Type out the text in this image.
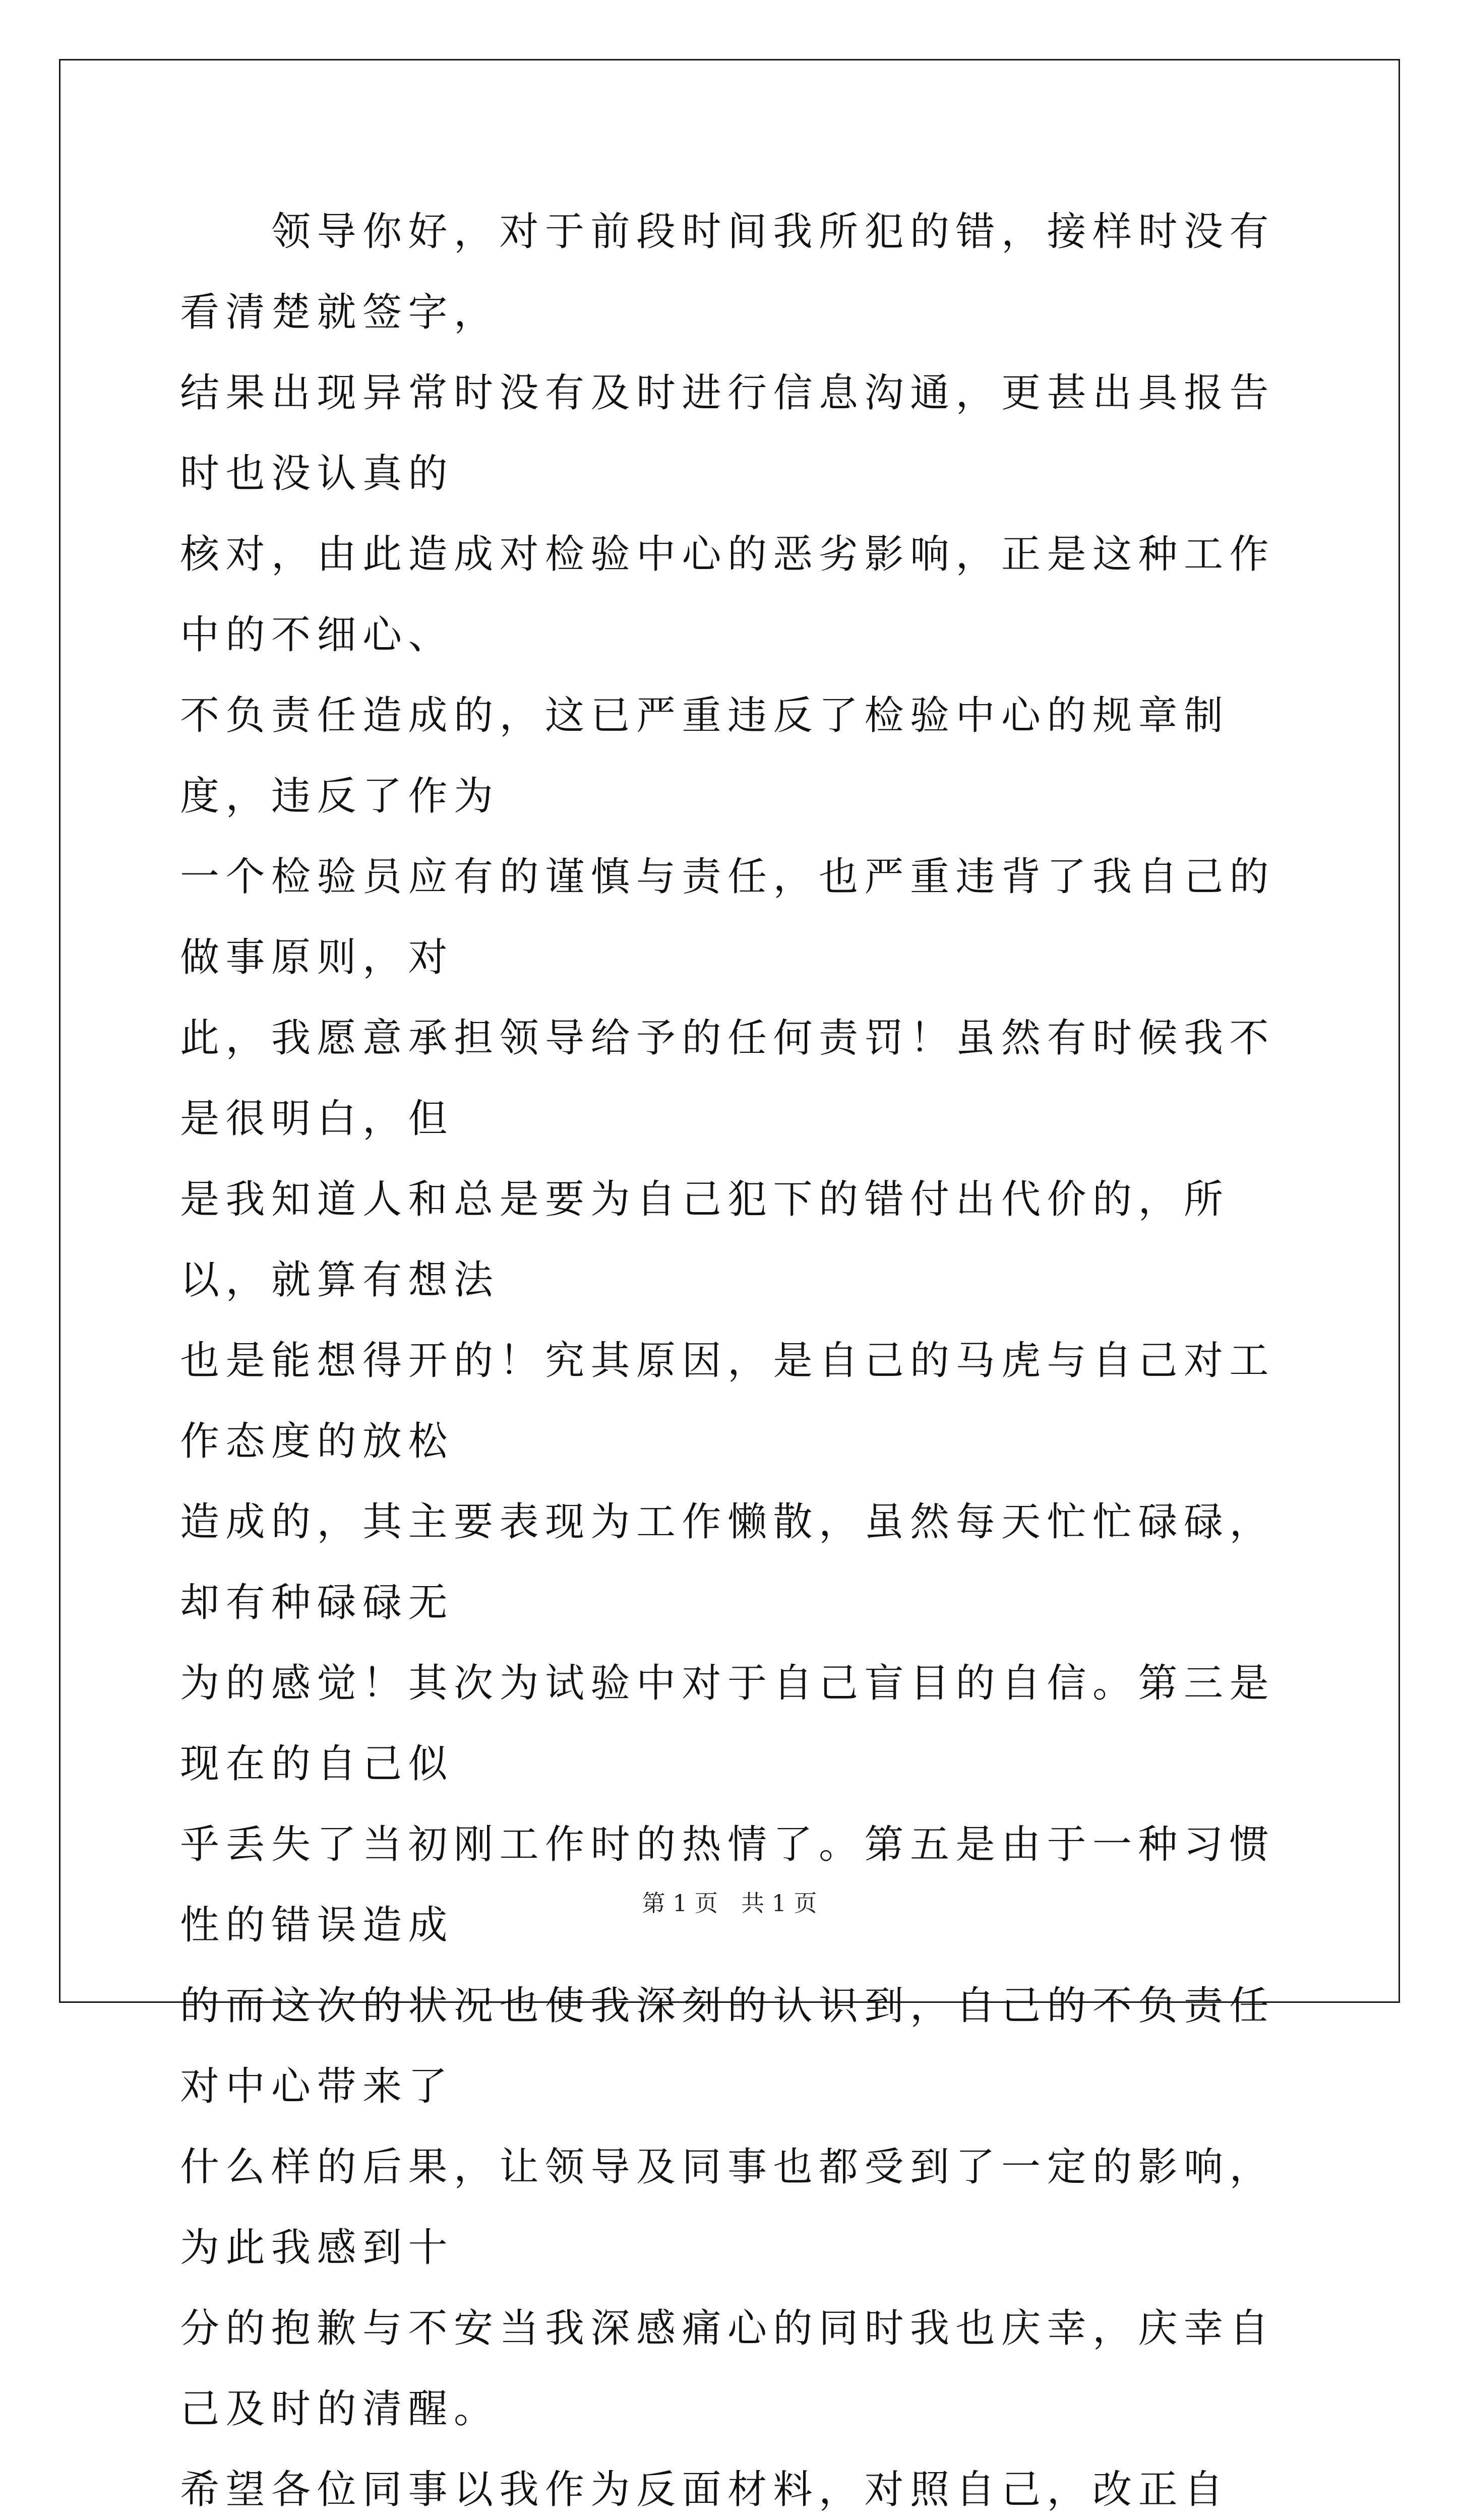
　　领导你好，对于前段时间我所犯的错，接样时没有看清楚就签字，
结果出现异常时没有及时进行信息沟通，更甚出具报告时也没认真的
核对，由此造成对检验中心的恶劣影响，正是这种工作中的不细心、
不负责任造成的，这已严重违反了检验中心的规章制度，违反了作为
一个检验员应有的谨慎与责任，也严重违背了我自己的做事原则，对
此，我愿意承担领导给予的任何责罚！虽然有时候我不是很明白，但
是我知道人和总是要为自己犯下的错付出代价的，所以，就算有想法
也是能想得开的！究其原因，是自己的马虎与自己对工作态度的放松
造成的，其主要表现为工作懒散，虽然每天忙忙碌碌，却有种碌碌无
为的感觉！其次为试验中对于自己盲目的自信。第三是现在的自己似
乎丢失了当初刚工作时的热情了。第五是由于一种习惯性的错误造成
的而这次的状况也使我深刻的认识到，自己的不负责任对中心带来了
什么样的后果，让领导及同事也都受到了一定的影响，为此我感到十
分的抱歉与不安当我深感痛心的同时我也庆幸，庆幸自己及时的清醒。
希望各位同事以我作为反面材料，对照自己，改正自

第 1 页　共 1 页
